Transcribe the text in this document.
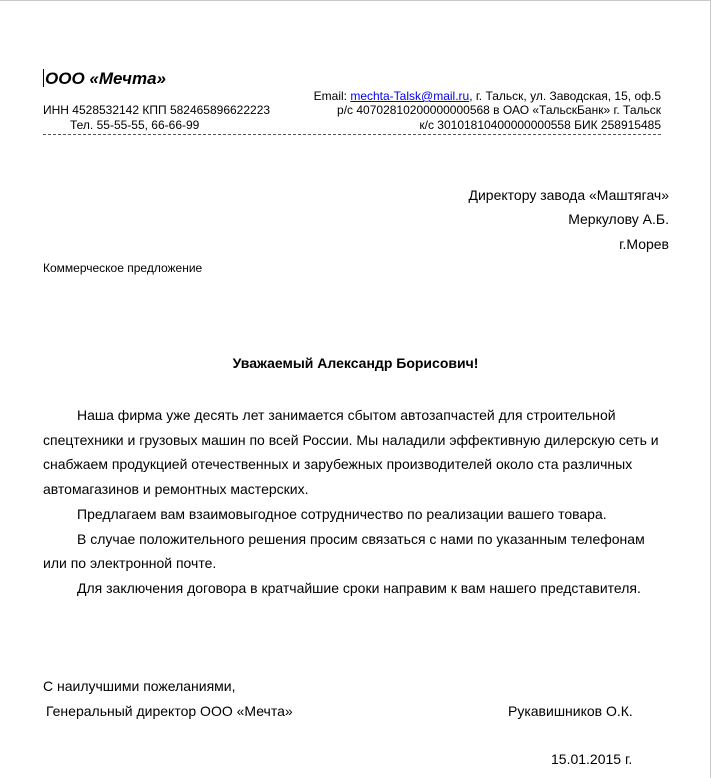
ООО «Мечта»
ИНН 4528532142 КПП 582465896622223
Тел. 55-55-55, 66-66-99
Email: mechta-Talsk@mail.ru, г. Тальск, ул. Заводская, 15, оф.5
р/с 40702810200000000568 в ОАО «ТальскБанк» г. Тальск
к/с 30101810400000000558 БИК 258915485
Директору завода «Маштягач»
Меркулову А.Б.
г.Морев
Коммерческое предложение
Уважаемый Александр Борисович!

Наша фирма уже десять лет занимается сбытом автозапчастей для строительной спецтехники и грузовых машин по всей России. Мы наладили эффективную дилерскую сеть и снабжаем продукцией отечественных и зарубежных производителей около ста различных автомагазинов и ремонтных мастерских.

Предлагаем вам взаимовыгодное сотрудничество по реализации вашего товара.

В случае положительного решения просим связаться с нами по указанным телефонам или по электронной почте.

Для заключения договора в кратчайшие сроки направим к вам нашего представителя.

С наилучшими пожеланиями,
Генеральный директор ООО «Мечта»	Рукавишников О.К.
15.01.2015 г.
